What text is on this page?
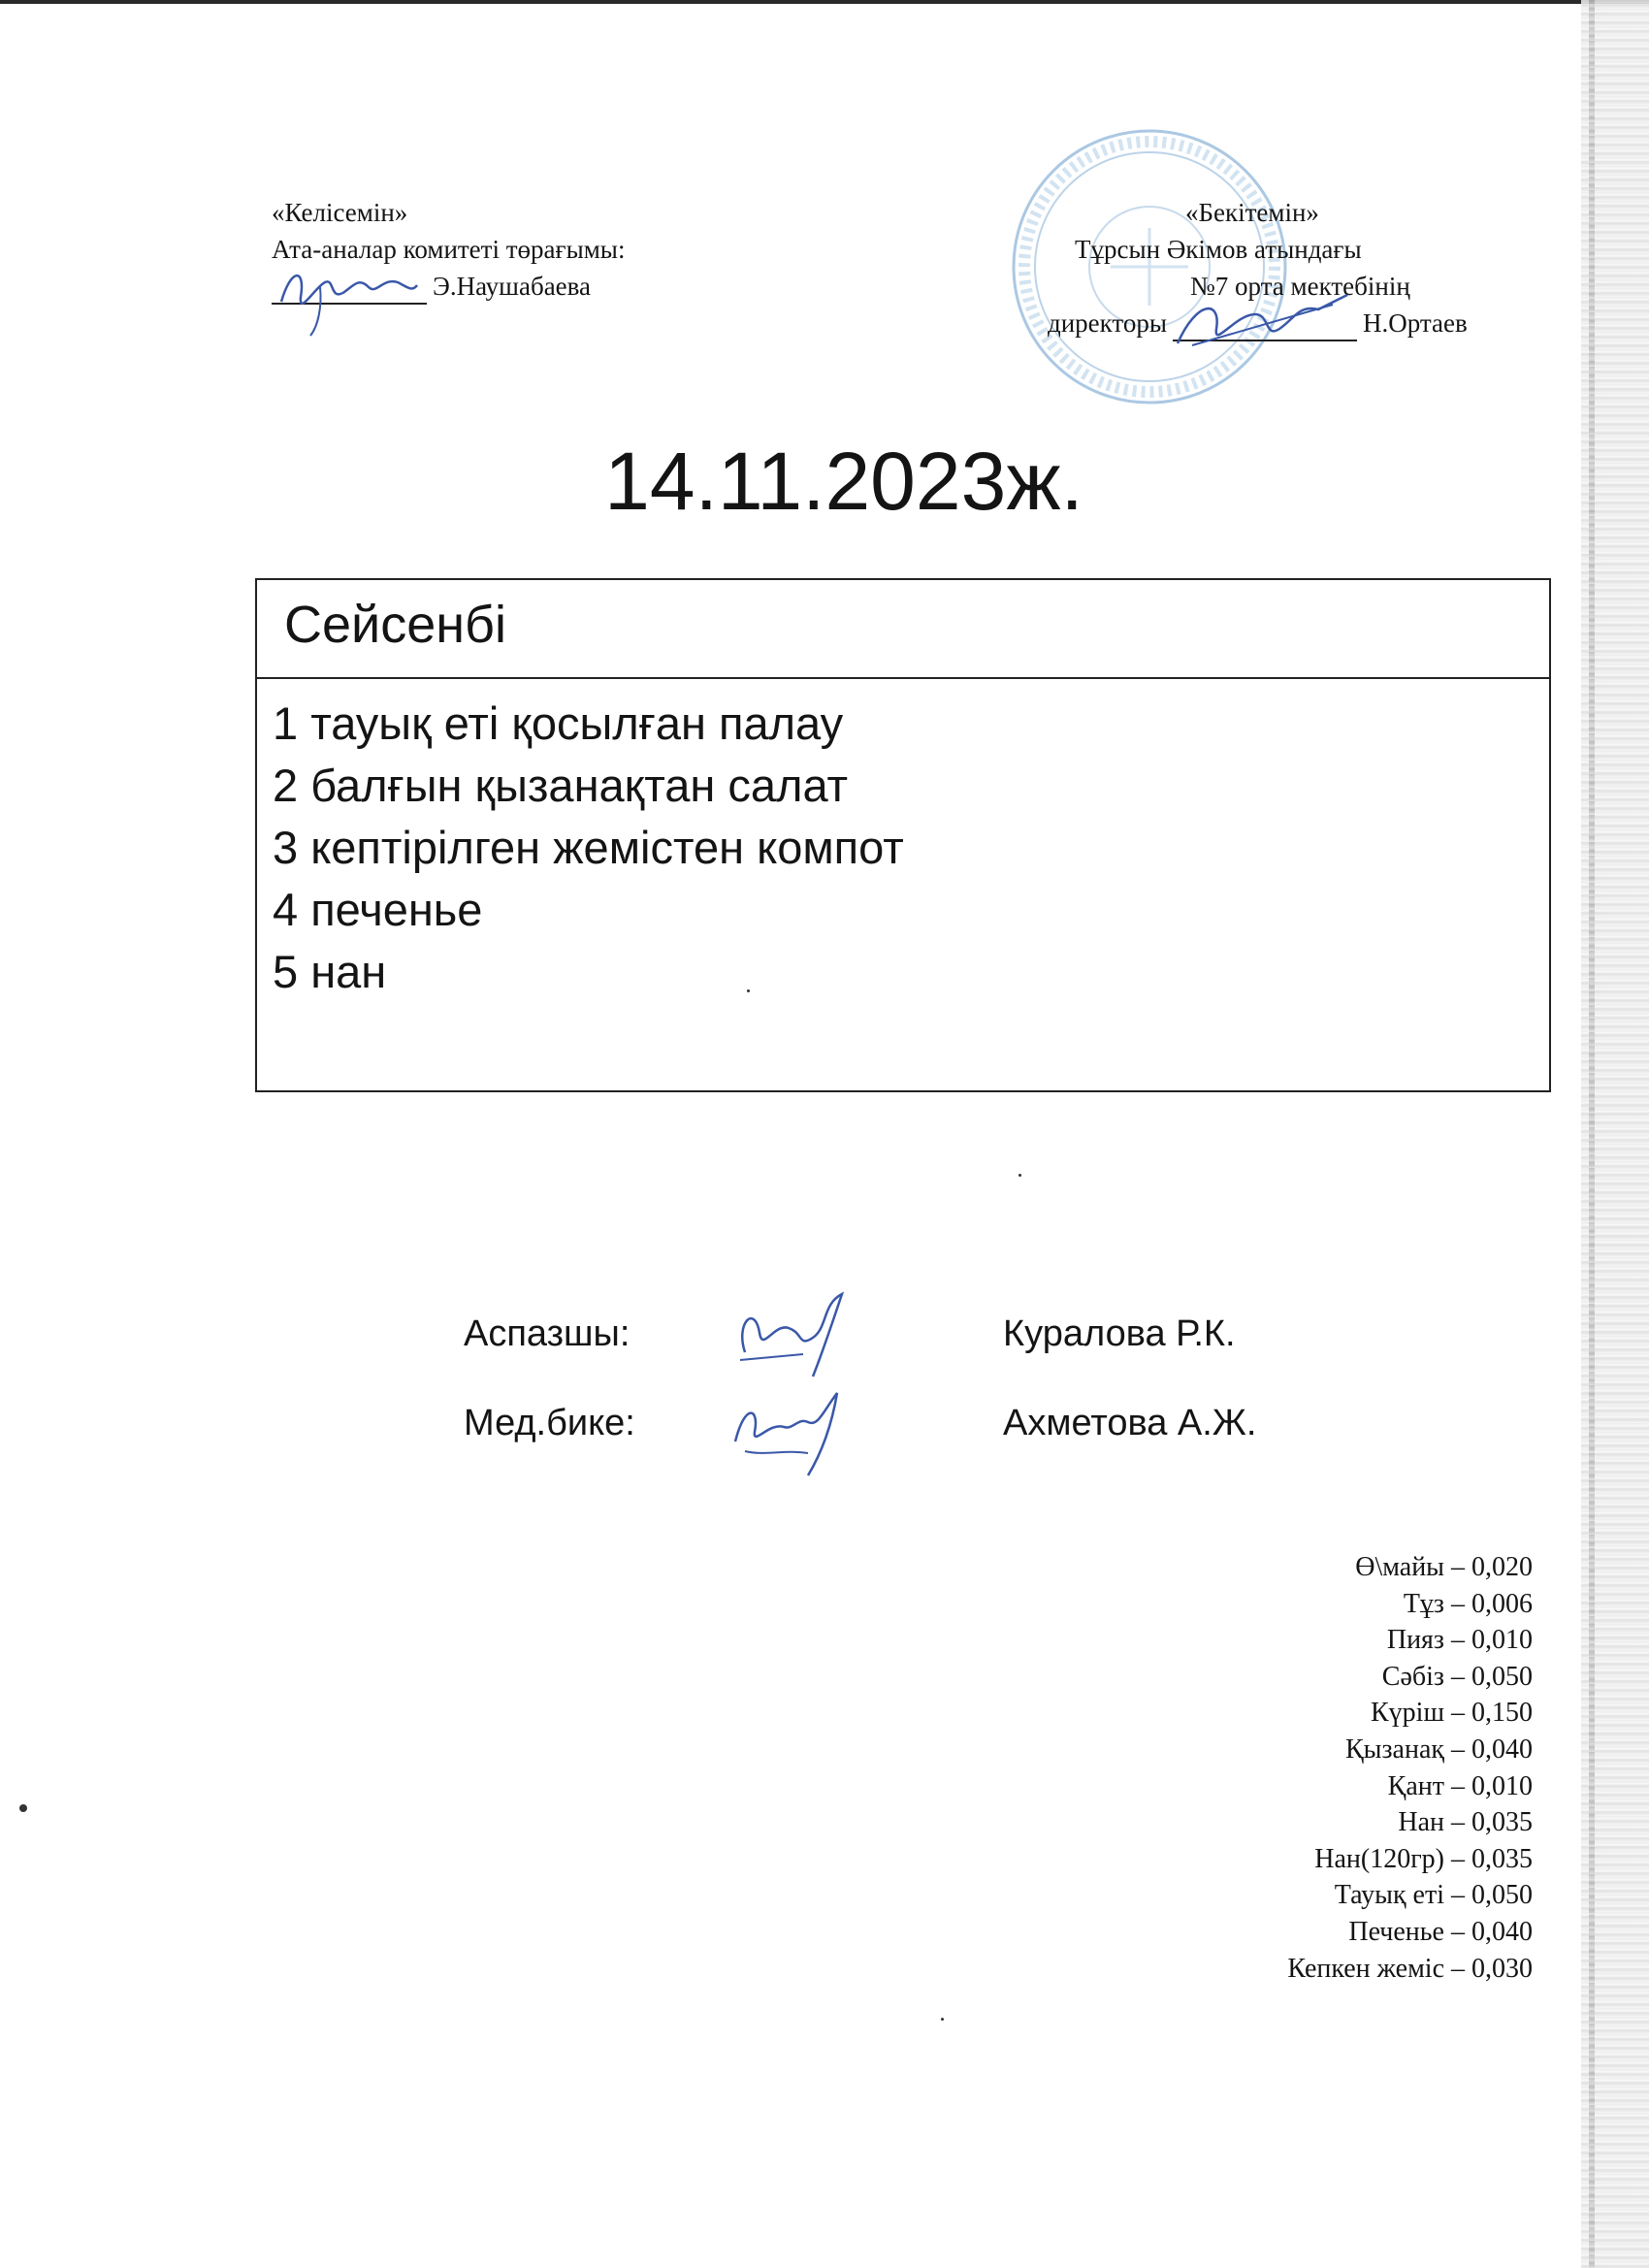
«Келісемін»
Ата-аналар комитеті төрағымы:
Э.Наушабаева
«Бекітемін»
Тұрсын Әкімов атындағы
№7 орта мектебінің
директоры	Н.Ортаев
14.11.2023ж.
Сейсенбі
1 тауық еті қосылған палау
2 балғын қызанақтан салат
3 кептірілген жемістен компот
4 печенье
5 нан
Аспазшы:	Куралова Р.К.
Мед.бике:	Ахметова А.Ж.
Ө\майы – 0,020
Тұз – 0,006
Пияз – 0,010
Сәбіз – 0,050
Күріш – 0,150
Қызанақ – 0,040
Қант – 0,010
Нан – 0,035
Нан(120гр) – 0,035
Тауық еті – 0,050
Печенье – 0,040
Кепкен жеміс – 0,030
